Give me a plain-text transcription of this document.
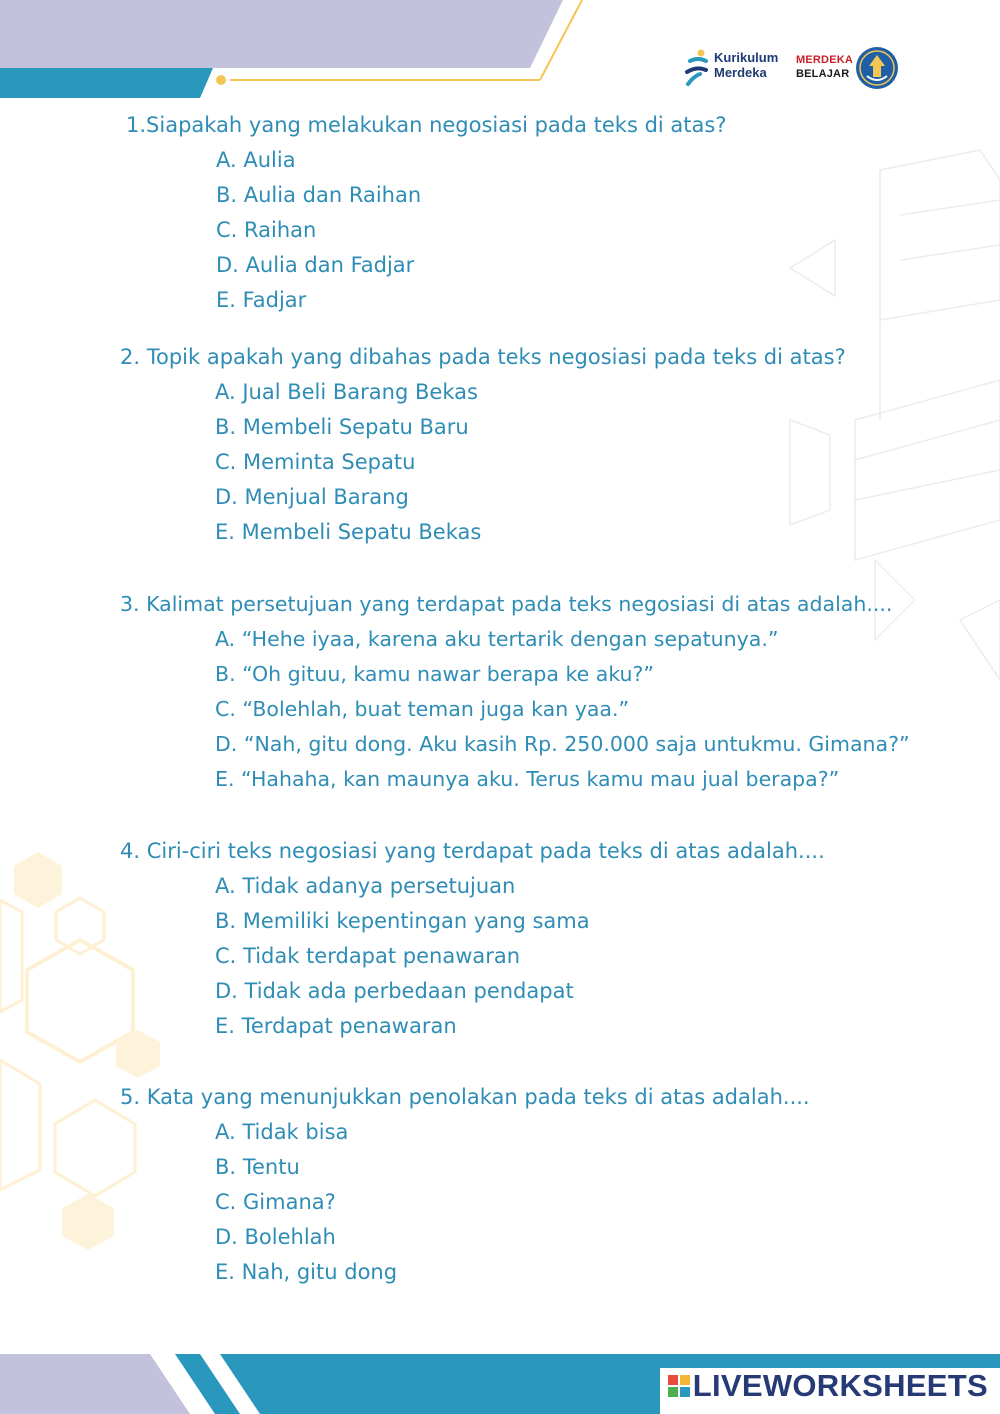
Kurikulum
Merdeka
MERDEKA
BELAJAR
1.Siapakah yang melakukan negosiasi pada teks di atas?
A. Aulia
B. Aulia dan Raihan
C. Raihan
D. Aulia dan Fadjar
E. Fadjar
2. Topik apakah yang dibahas pada teks negosiasi pada teks di atas?
A. Jual Beli Barang Bekas
B. Membeli Sepatu Baru
C. Meminta Sepatu
D. Menjual Barang
E. Membeli Sepatu Bekas
3. Kalimat persetujuan yang terdapat pada teks negosiasi di atas adalah....
A. “Hehe iyaa, karena aku tertarik dengan sepatunya.”
B. “Oh gituu, kamu nawar berapa ke aku?”
C. “Bolehlah, buat teman juga kan yaa.”
D. “Nah, gitu dong. Aku kasih Rp. 250.000 saja untukmu. Gimana?”
E. “Hahaha, kan maunya aku. Terus kamu mau jual berapa?”
4. Ciri-ciri teks negosiasi yang terdapat pada teks di atas adalah....
A. Tidak adanya persetujuan
B. Memiliki kepentingan yang sama
C. Tidak terdapat penawaran
D. Tidak ada perbedaan pendapat
E. Terdapat penawaran
5. Kata yang menunjukkan penolakan pada teks di atas adalah....
A. Tidak bisa
B. Tentu
C. Gimana?
D. Bolehlah
E. Nah, gitu dong
LIVEWORKSHEETS
